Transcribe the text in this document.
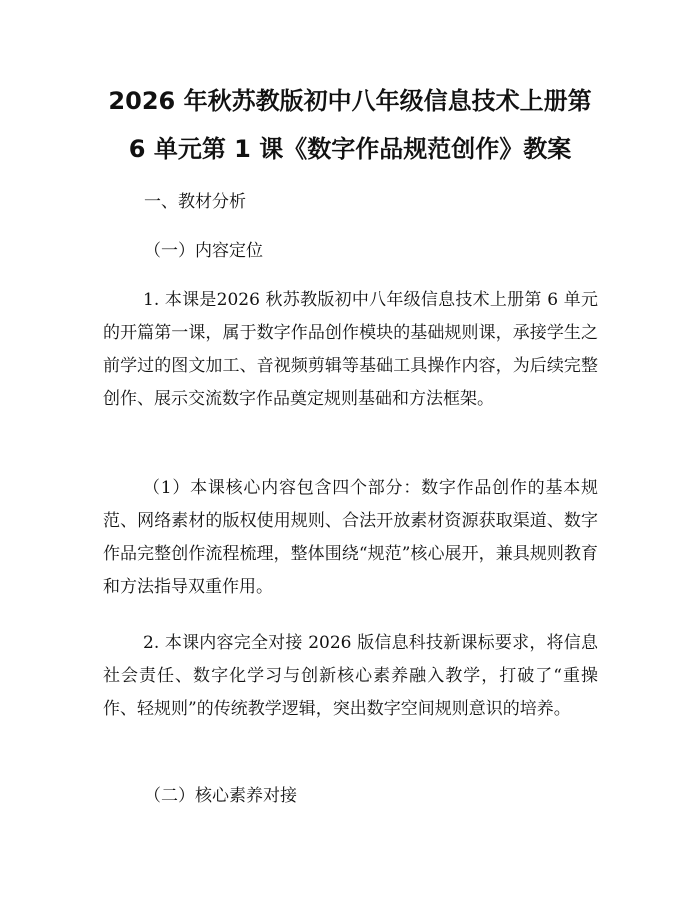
2026 年秋苏教版初中八年级信息技术上册第
6 单元第 1 课《数字作品规范创作》教案
一、教材分析
（一）内容定位
1. 本课是2026 秋苏教版初中八年级信息技术上册第 6 单元的开篇第一课，属于数字作品创作模块的基础规则课，承接学生之前学过的图文加工、音视频剪辑等基础工具操作内容，为后续完整创作、展示交流数字作品奠定规则基础和方法框架。
（1）本课核心内容包含四个部分：数字作品创作的基本规范、网络素材的版权使用规则、合法开放素材资源获取渠道、数字作品完整创作流程梳理，整体围绕“规范”核心展开，兼具规则教育和方法指导双重作用。
2. 本课内容完全对接 2026 版信息科技新课标要求，将信息社会责任、数字化学习与创新核心素养融入教学，打破了“重操作、轻规则”的传统教学逻辑，突出数字空间规则意识的培养。
（二）核心素养对接
